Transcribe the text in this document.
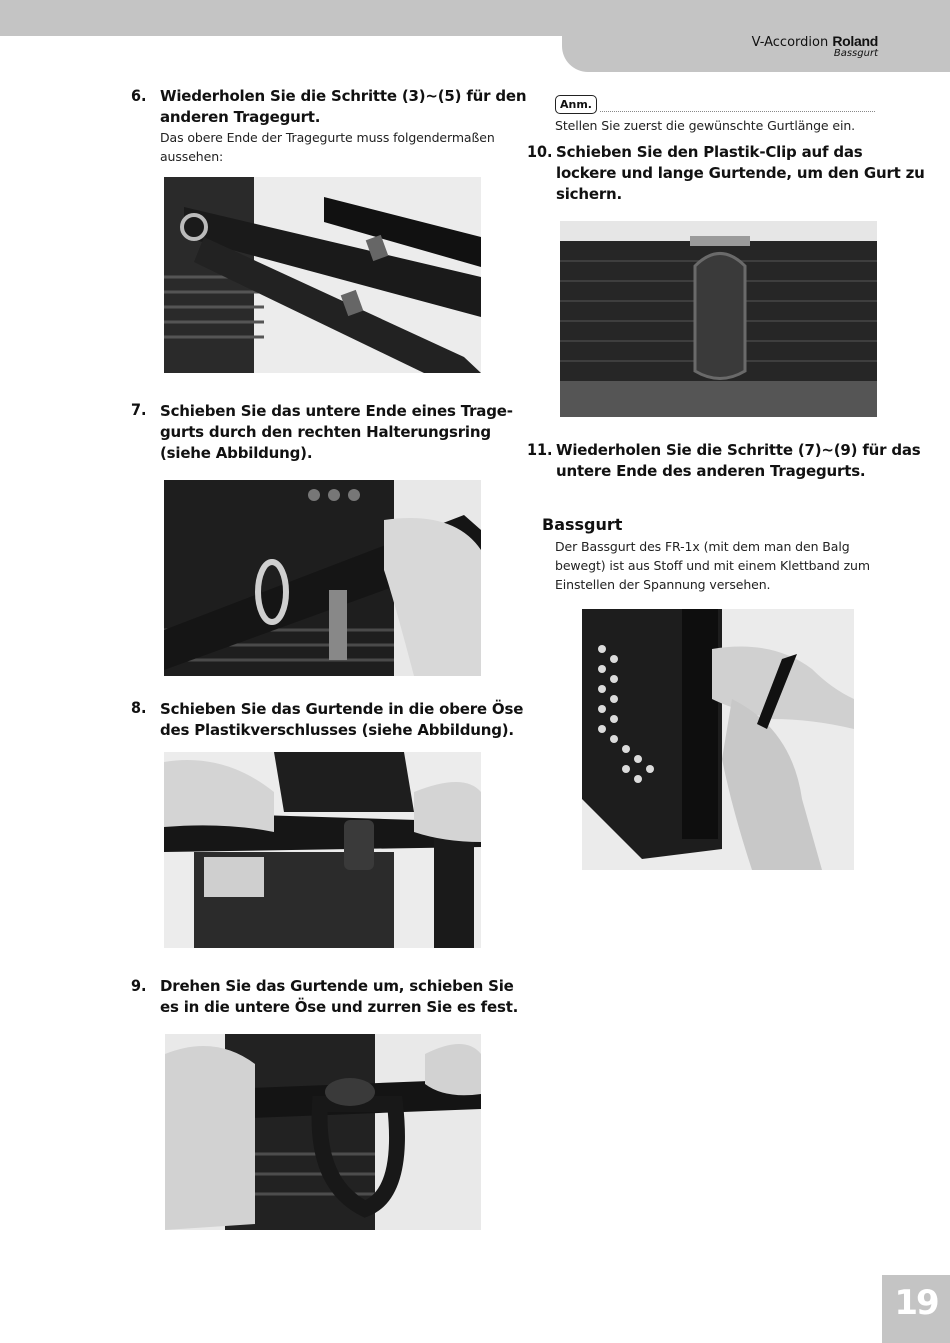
V-Accordion Roland
Bassgurt
6. Wiederholen Sie die Schritte (3)~(5) für den
anderen Tragegurt.
Das obere Ende der Tragegurte muss folgendermaßen
aussehen:
7. Schieben Sie das untere Ende eines Trage-
gurts durch den rechten Halterungsring
(siehe Abbildung).
8. Schieben Sie das Gurtende in die obere Öse
des Plastikverschlusses (siehe Abbildung).
9. Drehen Sie das Gurtende um, schieben Sie
es in die untere Öse und zurren Sie es fest.
Anm.
Stellen Sie zuerst die gewünschte Gurtlänge ein.
10. Schieben Sie den Plastik-Clip auf das
lockere und lange Gurtende, um den Gurt zu
sichern.
11. Wiederholen Sie die Schritte (7)~(9) für das
untere Ende des anderen Tragegurts.
Bassgurt
Der Bassgurt des FR-1x (mit dem man den Balg
bewegt) ist aus Stoff und mit einem Klettband zum
Einstellen der Spannung versehen.
19
